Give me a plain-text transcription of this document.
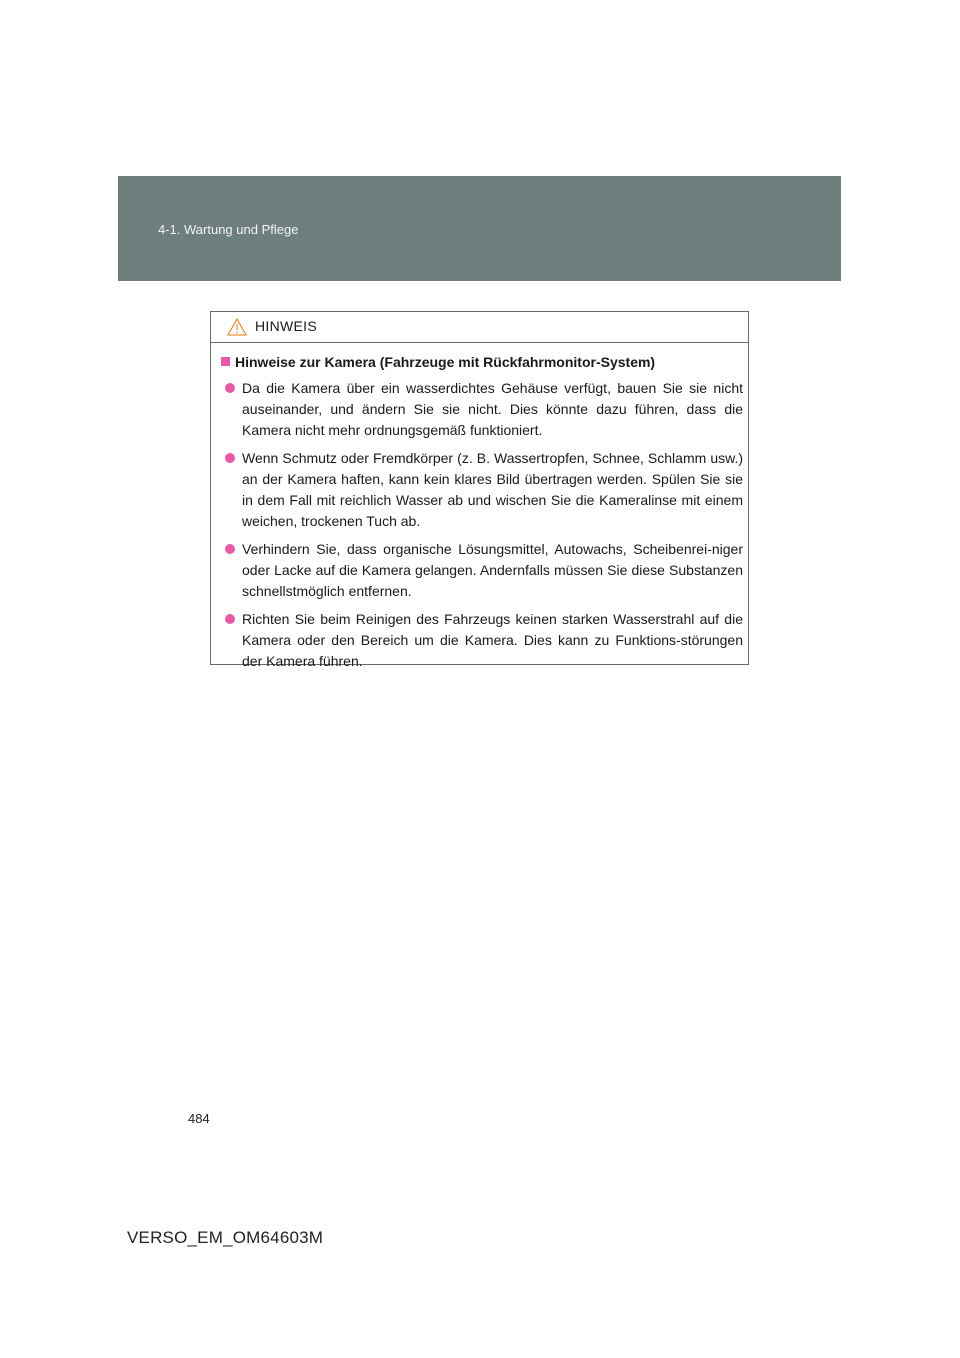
4-1. Wartung und Pflege
HINWEIS
Hinweise zur Kamera (Fahrzeuge mit Rückfahrmonitor-System)
Da die Kamera über ein wasserdichtes Gehäuse verfügt, bauen Sie sie nicht auseinander, und ändern Sie sie nicht. Dies könnte dazu führen, dass die Kamera nicht mehr ordnungsgemäß funktioniert.
Wenn Schmutz oder Fremdkörper (z. B. Wassertropfen, Schnee, Schlamm usw.) an der Kamera haften, kann kein klares Bild übertragen werden. Spülen Sie sie in dem Fall mit reichlich Wasser ab und wischen Sie die Kameralinse mit einem weichen, trockenen Tuch ab.
Verhindern Sie, dass organische Lösungsmittel, Autowachs, Scheibenrei-niger oder Lacke auf die Kamera gelangen. Andernfalls müssen Sie diese Substanzen schnellstmöglich entfernen.
Richten Sie beim Reinigen des Fahrzeugs keinen starken Wasserstrahl auf die Kamera oder den Bereich um die Kamera. Dies kann zu Funktions-störungen der Kamera führen.
484
VERSO_EM_OM64603M
